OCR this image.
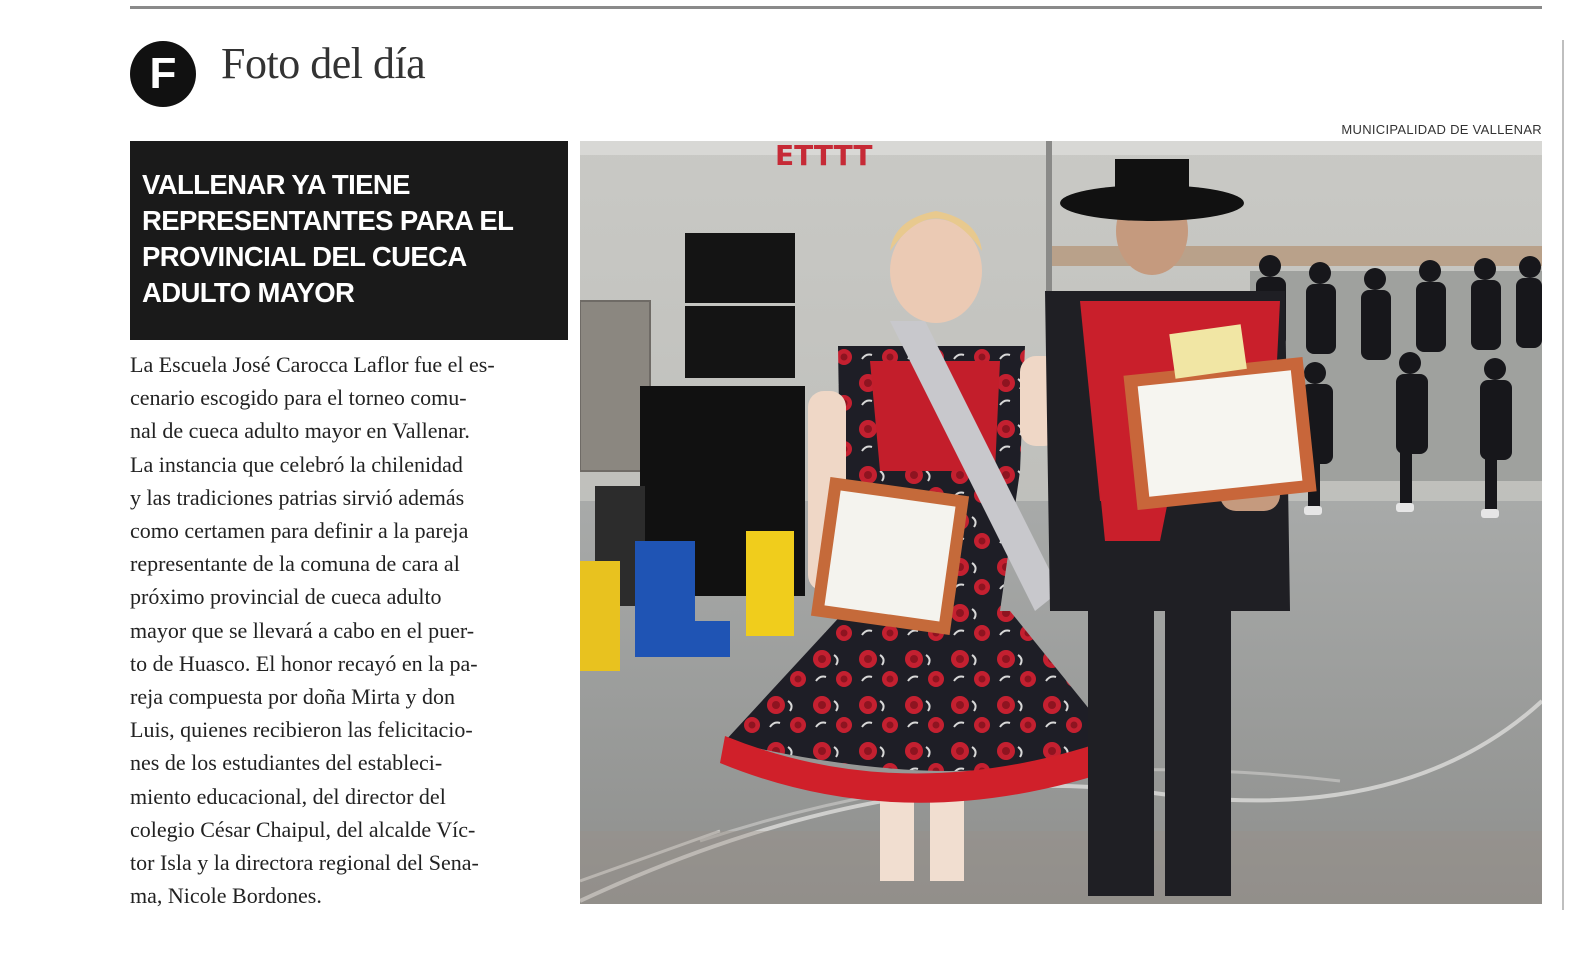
F	Foto del día
MUNICIPALIDAD DE VALLENAR
VALLENAR YA TIENE
REPRESENTANTES PARA EL
PROVINCIAL DEL CUECA
ADULTO MAYOR

La Escuela José Carocca Laflor fue el es-
cenario escogido para el torneo comu-
nal de cueca adulto mayor en Vallenar.
La instancia que celebró la chilenidad
y las tradiciones patrias sirvió además
como certamen para definir a la pareja
representante de la comuna de cara al
próximo provincial de cueca adulto
mayor que se llevará a cabo en el puer-
to de Huasco. El honor recayó en la pa-
reja compuesta por doña Mirta y don
Luis, quienes recibieron las felicitacio-
nes de los estudiantes del estableci-
miento educacional, del director del
colegio César Chaipul, del alcalde Víc-
tor Isla y la directora regional del Sena-
ma, Nicole Bordones.

ETTTT
